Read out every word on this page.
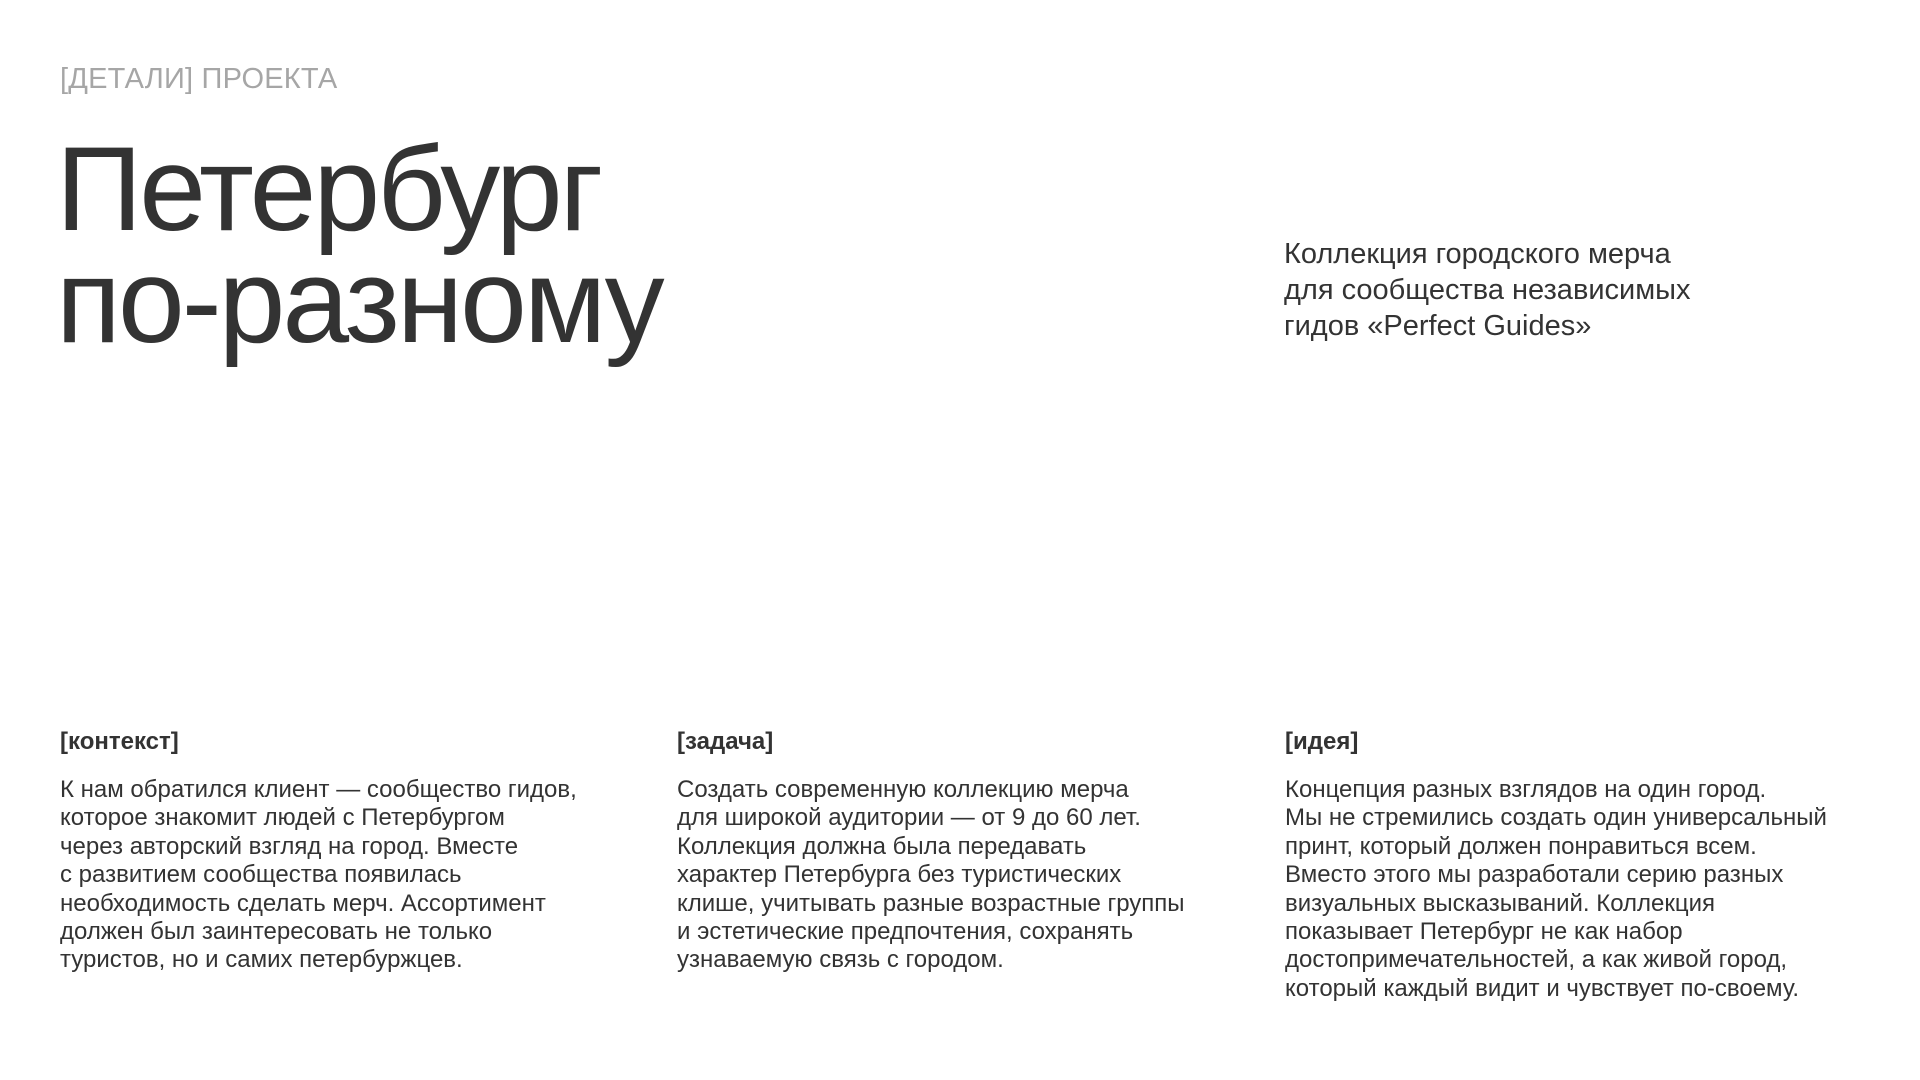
[ДЕТАЛИ] ПРОЕКТА
Петербург
по-разному	Коллекция городского мерча
для сообщества независимых
гидов «Perfect Guides»
[контекст]
К нам обратился клиент — сообщество гидов,
которое знакомит людей с Петербургом
через авторский взгляд на город. Вместе
с развитием сообщества появилась
необходимость сделать мерч. Ассортимент
должен был заинтересовать не только
туристов, но и самих петербуржцев.
[задача]
Создать современную коллекцию мерча
для широкой аудитории — от 9 до 60 лет.
Коллекция должна была передавать
характер Петербурга без туристических
клише, учитывать разные возрастные группы
и эстетические предпочтения, сохранять
узнаваемую связь с городом.
[идея]
Концепция разных взглядов на один город.
Мы не стремились создать один универсальный
принт, который должен понравиться всем.
Вместо этого мы разработали серию разных
визуальных высказываний. Коллекция
показывает Петербург не как набор
достопримечательностей, а как живой город,
который каждый видит и чувствует по-своему.
